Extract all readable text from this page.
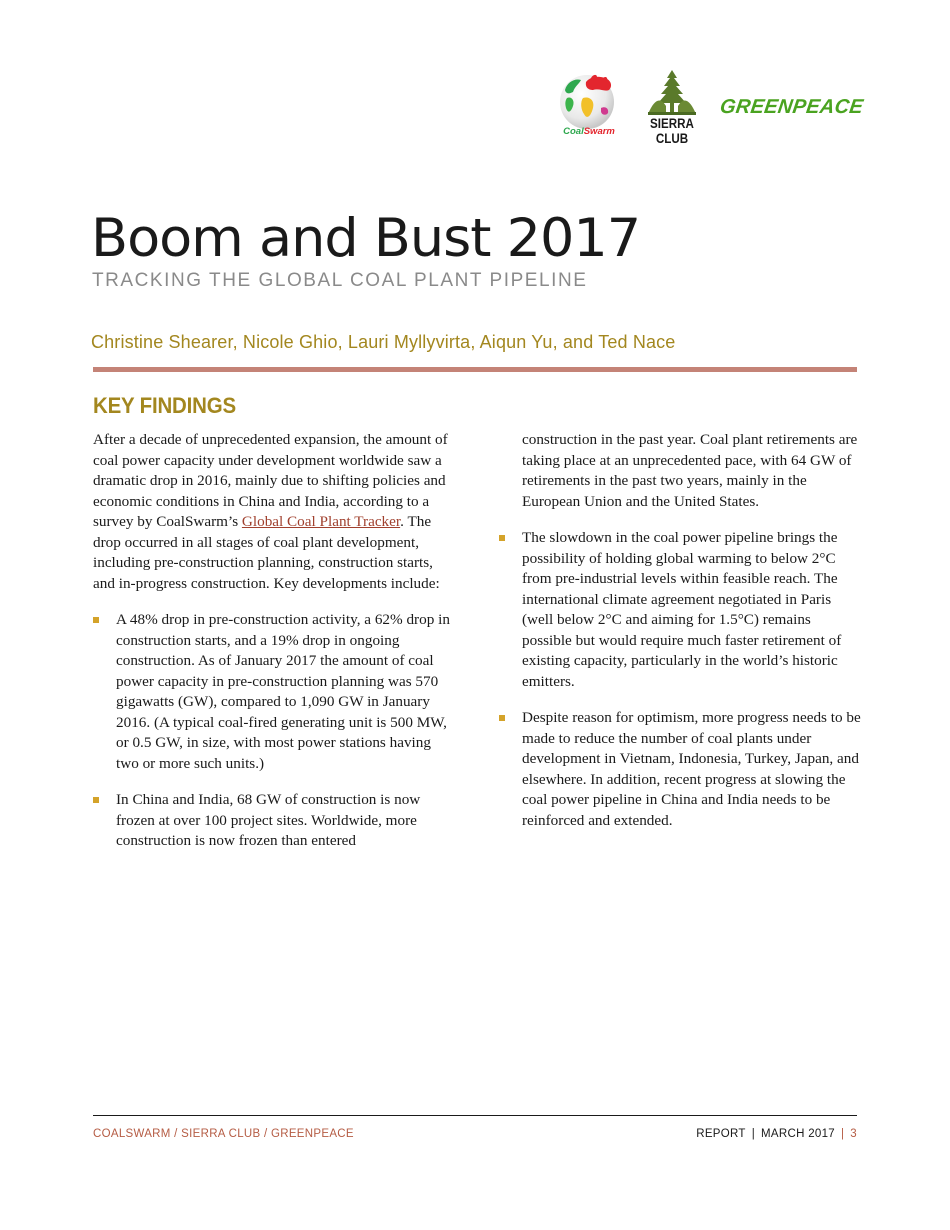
CoalSwarm
SIERRA
CLUB
GREENPEACE
Boom and Bust 2017
TRACKING THE GLOBAL COAL PLANT PIPELINE
Christine Shearer, Nicole Ghio, Lauri Myllyvirta, Aiqun Yu, and Ted Nace
KEY FINDINGS

After a decade of unprecedented expansion, the amount of coal power capacity under development worldwide saw a dramatic drop in 2016, mainly due to shifting policies and economic conditions in China and India, according to a survey by CoalSwarm’s Global Coal Plant Tracker. The drop occurred in all stages of coal plant development, including pre-construction planning, construction starts, and in-progress construction. Key developments include:

A 48% drop in pre-construction activity, a 62% drop in construction starts, and a 19% drop in ongoing construction. As of January 2017 the amount of coal power capacity in pre-construction planning was 570 gigawatts (GW), compared to 1,090 GW in January 2016. (A typical coal-fired generating unit is 500 MW, or 0.5 GW, in size, with most power stations having two or more such units.)
In China and India, 68 GW of construction is now frozen at over 100 project sites. Worldwide, more construction is now frozen than entered

construction in the past year. Coal plant retirements are taking place at an unprecedented pace, with 64 GW of retirements in the past two years, mainly in the European Union and the United States.

The slowdown in the coal power pipeline brings the possibility of holding global warming to below 2°C from pre-industrial levels within feasible reach. The international climate agreement negotiated in Paris (well below 2°C and aiming for 1.5°C) remains possible but would require much faster retirement of existing capacity, particularly in the world’s historic emitters.
Despite reason for optimism, more progress needs to be made to reduce the number of coal plants under development in Vietnam, Indonesia, Turkey, Japan, and elsewhere. In addition, recent progress at slowing the coal power pipeline in China and India needs to be reinforced and extended.
COALSWARM / SIERRA CLUB / GREENPEACE	REPORT | MARCH 2017 | 3
